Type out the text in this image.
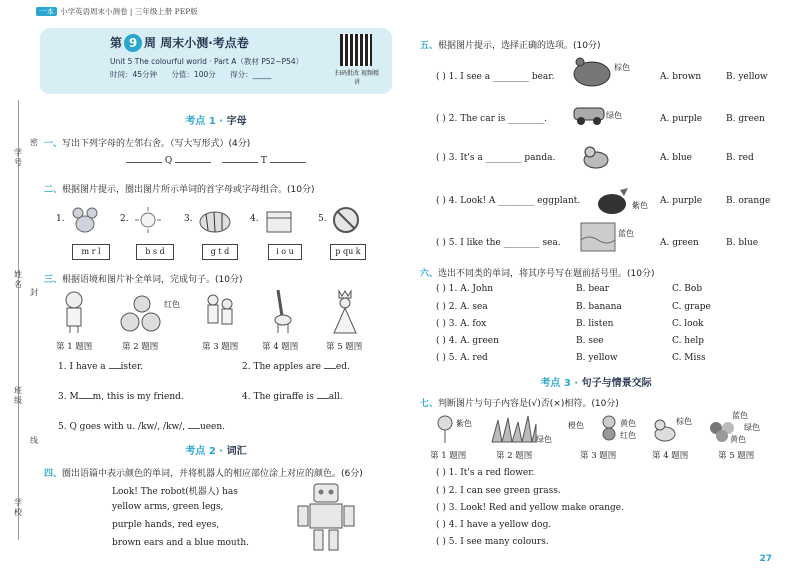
一本 小学英语周末小测卷 | 三年级上册 PEP版
第 9 周 周末小测·考点卷
Unit 5 The colourful world · Part A（教材 P52~P54）
时间：45分钟 分值：100分 得分：_____	扫码批改 视频精讲
学号
密
姓名
封
班级
线
学校
考点 1 · 字母
一、写出下列字母的左邻右舍。（写大写形式）(4分)
Q	T
二、根据图片提示，圈出图片所示单词的首字母或字母组合。(10分)
1.	2.	3.	4.	5.
m r l	b s d	g t d	i o u	p qu k
三、根据语境和图片补全单词，完成句子。(10分)
红色
第 1 题图	第 2 题图	第 3 题图	第 4 题图	第 5 题图
1. I have a ister.	2. The apples are ed.
3. M m, this is my friend.	4. The giraffe is all.
5. Q goes with u. /kw/, /kw/, ueen.
考点 2 · 词汇
四、圈出语篇中表示颜色的单词，并将机器人的相应部位涂上对应的颜色。(6分)
Look! The robot(机器人) has
yellow arms, green legs,
purple hands, red eyes,
brown ears and a blue mouth.
五、根据图片提示，选择正确的选项。(10分)
( ) 1. I see a ________ bear.
棕色
A. brown	B. yellow
( ) 2. The car is ________.	绿色	A. purple	B. green
( ) 3. It's a ________ panda.	A. blue	B. red
( ) 4. Look! A ________ eggplant.	紫色 A. purple	B. orange
( ) 5. I like the ________ sea.
蓝色
A. green	B. blue
六、选出不同类的单词，将其序号写在题前括号里。(10分)
( ) 1. A. John	B. bear	C. Bob
( ) 2. A. sea	B. banana	C. grape
( ) 3. A. fox	B. listen	C. look
( ) 4. A. green	B. see	C. help
( ) 5. A. red	B. yellow	C. Miss
考点 3 · 句子与情景交际
七、判断图片与句子内容是(√)否(×)相符。(10分)
紫色
绿色
橙色	黄色
红色
棕色
蓝色
绿色
黄色
第 1 题图	第 2 题图	第 3 题图	第 4 题图	第 5 题图
( ) 1. It's a red flower.
( ) 2. I can see green grass.
( ) 3. Look! Red and yellow make orange.
( ) 4. I have a yellow dog.
( ) 5. I see many colours.
27
